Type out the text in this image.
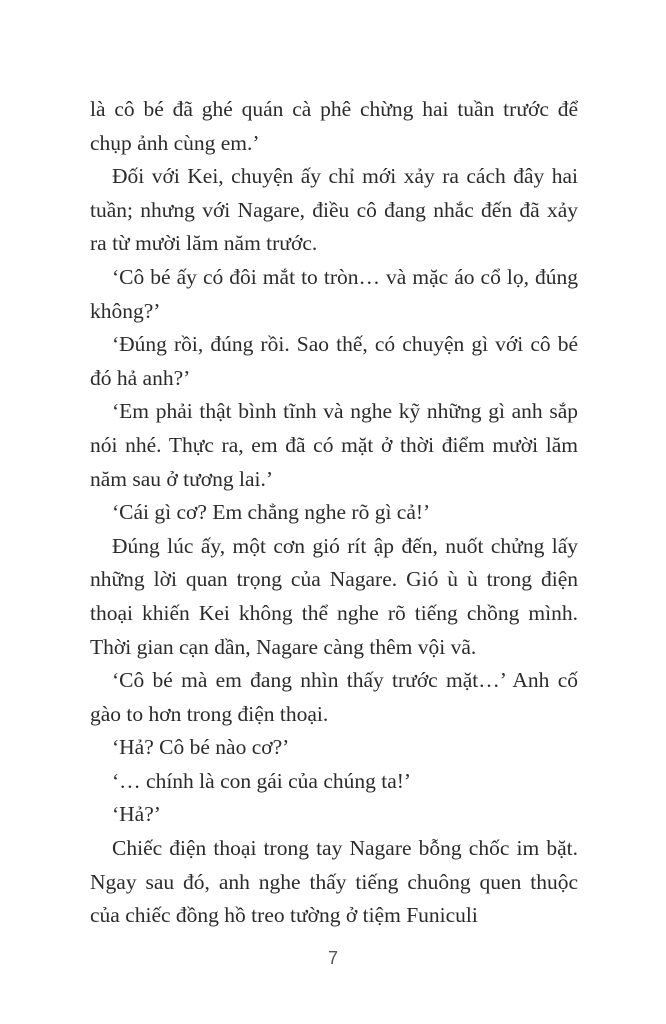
là cô bé đã ghé quán cà phê chừng hai tuần trước để chụp ảnh cùng em.’

Đối với Kei, chuyện ấy chỉ mới xảy ra cách đây hai tuần; nhưng với Nagare, điều cô đang nhắc đến đã xảy ra từ mười lăm năm trước.

‘Cô bé ấy có đôi mắt to tròn… và mặc áo cổ lọ, đúng không?’

‘Đúng rồi, đúng rồi. Sao thế, có chuyện gì với cô bé đó hả anh?’

‘Em phải thật bình tĩnh và nghe kỹ những gì anh sắp nói nhé. Thực ra, em đã có mặt ở thời điểm mười lăm năm sau ở tương lai.’

‘Cái gì cơ? Em chẳng nghe rõ gì cả!’

Đúng lúc ấy, một cơn gió rít ập đến, nuốt chửng lấy những lời quan trọng của Nagare. Gió ù ù trong điện thoại khiến Kei không thể nghe rõ tiếng chồng mình. Thời gian cạn dần, Nagare càng thêm vội vã.

‘Cô bé mà em đang nhìn thấy trước mặt…’ Anh cố gào to hơn trong điện thoại.

‘Hả? Cô bé nào cơ?’

‘… chính là con gái của chúng ta!’

‘Hả?’

Chiếc điện thoại trong tay Nagare bỗng chốc im bặt. Ngay sau đó, anh nghe thấy tiếng chuông quen thuộc của chiếc đồng hồ treo tường ở tiệm Funiculi

7
